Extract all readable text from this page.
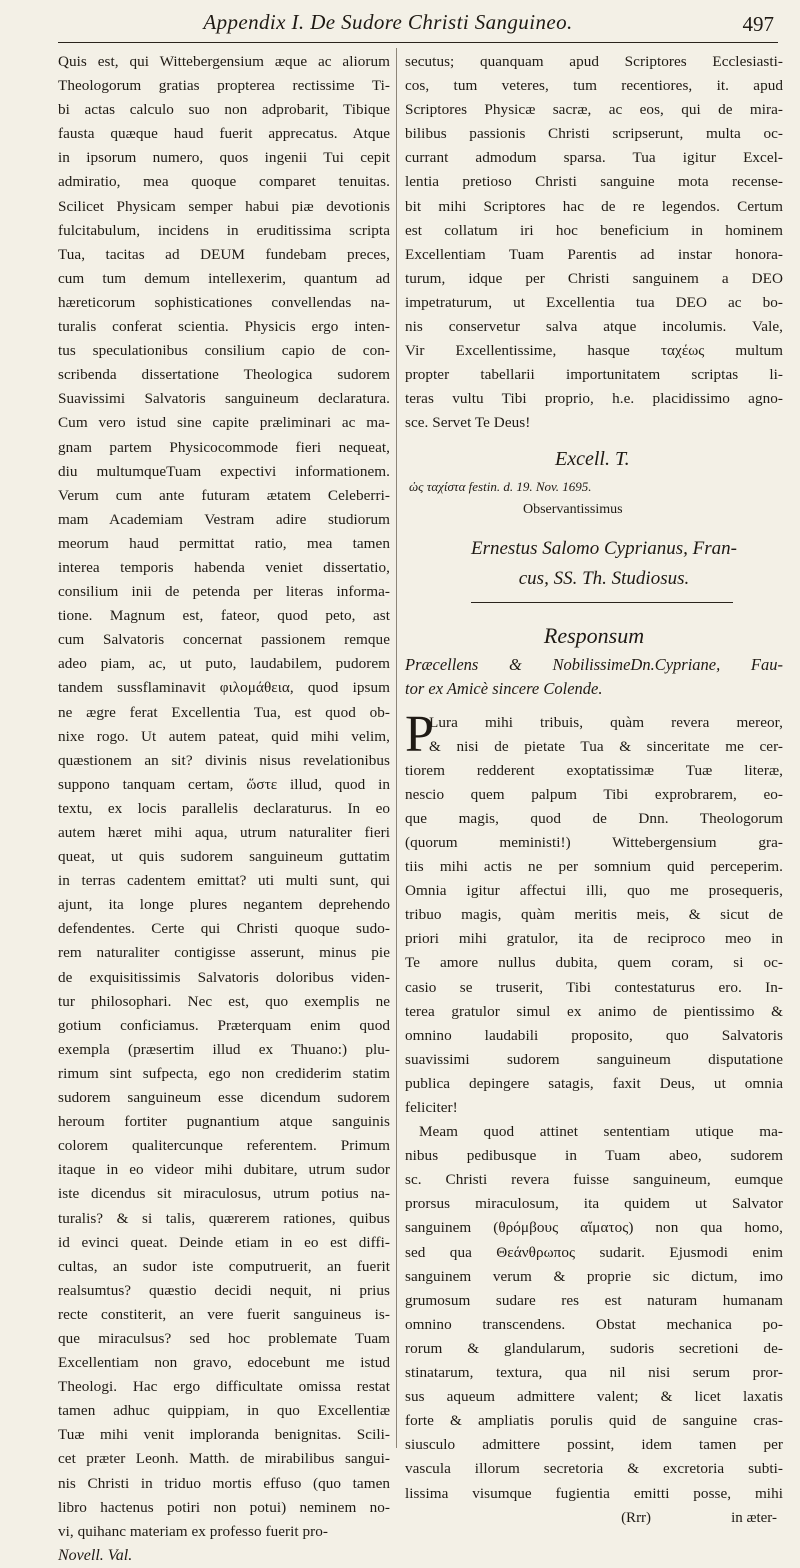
Appendix I. De Sudore Christi Sanguineo.	497
Quis est, qui Wittebergensium æque ac aliorum
Theologorum gratias propterea rectissime Ti-
bi actas calculo suo non adprobarit, Tibique
fausta quæque haud fuerit apprecatus. Atque
in ipsorum numero, quos ingenii Tui cepit
admiratio, mea quoque comparet tenuitas.
Scilicet Physicam semper habui piæ devotionis
fulcitabulum, incidens in eruditissima scripta
Tua, tacitas ad DEUM fundebam preces,
cum tum demum intellexerim, quantum ad
hæreticorum sophisticationes convellendas na-
turalis conferat scientia. Physicis ergo inten-
tus speculationibus consilium capio de con-
scribenda dissertatione Theologica sudorem
Suavissimi Salvatoris sanguineum declaratura.
Cum vero istud sine capite præliminari ac ma-
gnam partem Physicocommode fieri nequeat,
diu multumqueTuam expectivi informationem.
Verum cum ante futuram ætatem Celeberri-
mam Academiam Vestram adire studiorum
meorum haud permittat ratio, mea tamen
interea temporis habenda veniet dissertatio,
consilium inii de petenda per literas informa-
tione. Magnum est, fateor, quod peto, ast
cum Salvatoris concernat passionem remque
adeo piam, ac, ut puto, laudabilem, pudorem
tandem sussflaminavit φιλομάθεια, quod ipsum
ne ægre ferat Excellentia Tua, est quod ob-
nixe rogo. Ut autem pateat, quid mihi velim,
quæstionem an sit? divinis nisus revelationibus
suppono tanquam certam, ὥστε illud, quod in
textu, ex locis parallelis declaraturus. In eo
autem hæret mihi aqua, utrum naturaliter fieri
queat, ut quis sudorem sanguineum guttatim
in terras cadentem emittat? uti multi sunt, qui
ajunt, ita longe plures negantem deprehendo
defendentes. Certe qui Christi quoque sudo-
rem naturaliter contigisse asserunt, minus pie
de exquisitissimis Salvatoris doloribus viden-
tur philosophari. Nec est, quo exemplis ne
gotium conficiamus. Præterquam enim quod
exempla (præsertim illud ex Thuano:) plu-
rimum sint sufpecta, ego non crediderim statim
sudorem sanguineum esse dicendum sudorem
heroum fortiter pugnantium atque sanguinis
colorem qualitercunque referentem. Primum
itaque in eo videor mihi dubitare, utrum sudor
iste dicendus sit miraculosus, utrum potius na-
turalis? & si talis, quærerem rationes, quibus
id evinci queat. Deinde etiam in eo est diffi-
cultas, an sudor iste computruerit, an fuerit
realsumtus? quæstio decidi nequit, ni prius
recte constiterit, an vere fuerit sanguineus is-
que miraculsus? sed hoc problemate Tuam
Excellentiam non gravo, edocebunt me istud
Theologi. Hac ergo difficultate omissa restat
tamen adhuc quippiam, in quo Excellentiæ
Tuæ mihi venit imploranda benignitas. Scili-
cet præter Leonh. Matth. de mirabilibus sangui-
nis Christi in triduo mortis effuso (quo tamen
libro hactenus potiri non potui) neminem no-
vi, quihanc materiam ex professo fuerit pro-
Novell. Val.
secutus; quanquam apud Scriptores Ecclesiasti-
cos, tum veteres, tum recentiores, it. apud
Scriptores Physicæ sacræ, ac eos, qui de mira-
bilibus passionis Christi scripserunt, multa oc-
currant admodum sparsa. Tua igitur Excel-
lentia pretioso Christi sanguine mota recense-
bit mihi Scriptores hac de re legendos. Certum
est collatum iri hoc beneficium in hominem
Excellentiam Tuam Parentis ad instar honora-
turum, idque per Christi sanguinem a DEO
impetraturum, ut Excellentia tua DEO ac bo-
nis conservetur salva atque incolumis. Vale,
Vir Excellentissime, hasque ταχέως multum
propter tabellarii importunitatem scriptas li-
teras vultu Tibi proprio, h.e. placidissimo agno-
sce. Servet Te Deus!
Excell. T.
ὡς ταχίστα festin. d. 19. Nov. 1695.
Observantissimus
Ernestus Salomo Cyprianus, Fran-
cus, SS. Th. Studiosus.
Responsum
Præcellens & NobilissimeDn.Cypriane, Fau-
tor ex Amicè sincere Colende.
P
Lura mihi tribuis, quàm revera mereor,
& nisi de pietate Tua & sinceritate me cer-
tiorem redderent exoptatissimæ Tuæ literæ,
nescio quem palpum Tibi exprobrarem, eo-
que magis, quod de Dnn. Theologorum
(quorum meministi!) Wittebergensium gra-
tiis mihi actis ne per somnium quid perceperim.
Omnia igitur affectui illi, quo me prosequeris,
tribuo magis, quàm meritis meis, & sicut de
priori mihi gratulor, ita de reciproco meo in
Te amore nullus dubita, quem coram, si oc-
casio se truserit, Tibi contestaturus ero. In-
terea gratulor simul ex animo de pientissimo &
omnino laudabili proposito, quo Salvatoris
suavissimi sudorem sanguineum disputatione
publica depingere satagis, faxit Deus, ut omnia
feliciter!
Meam quod attinet sententiam utique ma-
nibus pedibusque in Tuam abeo, sudorem
sc. Christi revera fuisse sanguineum, eumque
prorsus miraculosum, ita quidem ut Salvator
sanguinem (θρόμβους αἵματος) non qua homo,
sed qua Θεάνθρωπος sudarit. Ejusmodi enim
sanguinem verum & proprie sic dictum, imo
grumosum sudare res est naturam humanam
omnino transcendens. Obstat mechanica po-
rorum & glandularum, sudoris secretioni de-
stinatarum, textura, qua nil nisi serum pror-
sus aqueum admittere valent; & licet laxatis
forte & ampliatis porulis quid de sanguine cras-
siusculo admittere possint, idem tamen per
vascula illorum secretoria & excretoria subti-
lissima visumque fugientia emitti posse, mihi
(Rrr)	in æter-
